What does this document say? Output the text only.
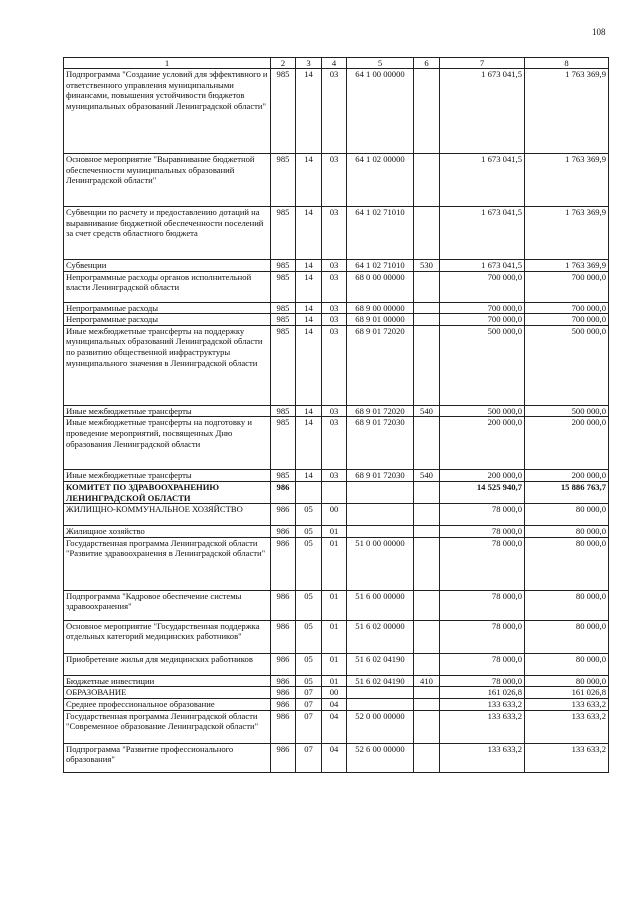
108
1	2	3	4	5	6	7	8
Подпрограмма "Создание условий для эффективного и ответственного управления муниципальными финансами, повышения устойчивости бюджетов муниципальных образований Ленинградской области"	985	14	03	64 1 00 00000		1 673 041,5	1 763 369,9
Основное мероприятие "Выравнивание бюджетной обеспеченности муниципальных образований Ленинградской области"	985	14	03	64 1 02 00000		1 673 041,5	1 763 369,9
Субвенции по расчету и предоставлению дотаций на выравнивание бюджетной обеспеченности поселений за счет средств областного бюджета	985	14	03	64 1 02 71010		1 673 041,5	1 763 369,9
Субвенции	985	14	03	64 1 02 71010	530	1 673 041,5	1 763 369,9
Непрограммные расходы органов исполнительной власти Ленинградской области	985	14	03	68 0 00 00000		700 000,0	700 000,0
Непрограммные расходы	985	14	03	68 9 00 00000		700 000,0	700 000,0
Непрограммные расходы	985	14	03	68 9 01 00000		700 000,0	700 000,0
Иные межбюджетные трансферты на поддержку муниципальных образований Ленинградской области по развитию общественной инфраструктуры муниципального значения в Ленинградской области	985	14	03	68 9 01 72020		500 000,0	500 000,0
Иные межбюджетные трансферты	985	14	03	68 9 01 72020	540	500 000,0	500 000,0
Иные межбюджетные трансферты на подготовку и проведение мероприятий, посвященных Дню образования Ленинградской области	985	14	03	68 9 01 72030		200 000,0	200 000,0
Иные межбюджетные трансферты	985	14	03	68 9 01 72030	540	200 000,0	200 000,0
КОМИТЕТ ПО ЗДРАВООХРАНЕНИЮ ЛЕНИНГРАДСКОЙ ОБЛАСТИ	986					14 525 940,7	15 886 763,7
ЖИЛИЩНО-КОММУНАЛЬНОЕ ХОЗЯЙСТВО	986	05	00			78 000,0	80 000,0
Жилищное хозяйство	986	05	01			78 000,0	80 000,0
Государственная программа Ленинградской области "Развитие здравоохранения в Ленинградской области"	986	05	01	51 0 00 00000		78 000,0	80 000,0
Подпрограмма "Кадровое обеспечение системы здравоохранения"	986	05	01	51 6 00 00000		78 000,0	80 000,0
Основное мероприятие "Государственная поддержка отдельных категорий медицинских работников"	986	05	01	51 6 02 00000		78 000,0	80 000,0
Приобретение жилья для медицинских работников	986	05	01	51 6 02 04190		78 000,0	80 000,0
Бюджетные инвестиции	986	05	01	51 6 02 04190	410	78 000,0	80 000,0
ОБРАЗОВАНИЕ	986	07	00			161 026,8	161 026,8
Среднее профессиональное образование	986	07	04			133 633,2	133 633,2
Государственная программа Ленинградской области "Современное образование Ленинградской области"	986	07	04	52 0 00 00000		133 633,2	133 633,2
Подпрограмма "Развитие профессионального образования"	986	07	04	52 6 00 00000		133 633,2	133 633,2
